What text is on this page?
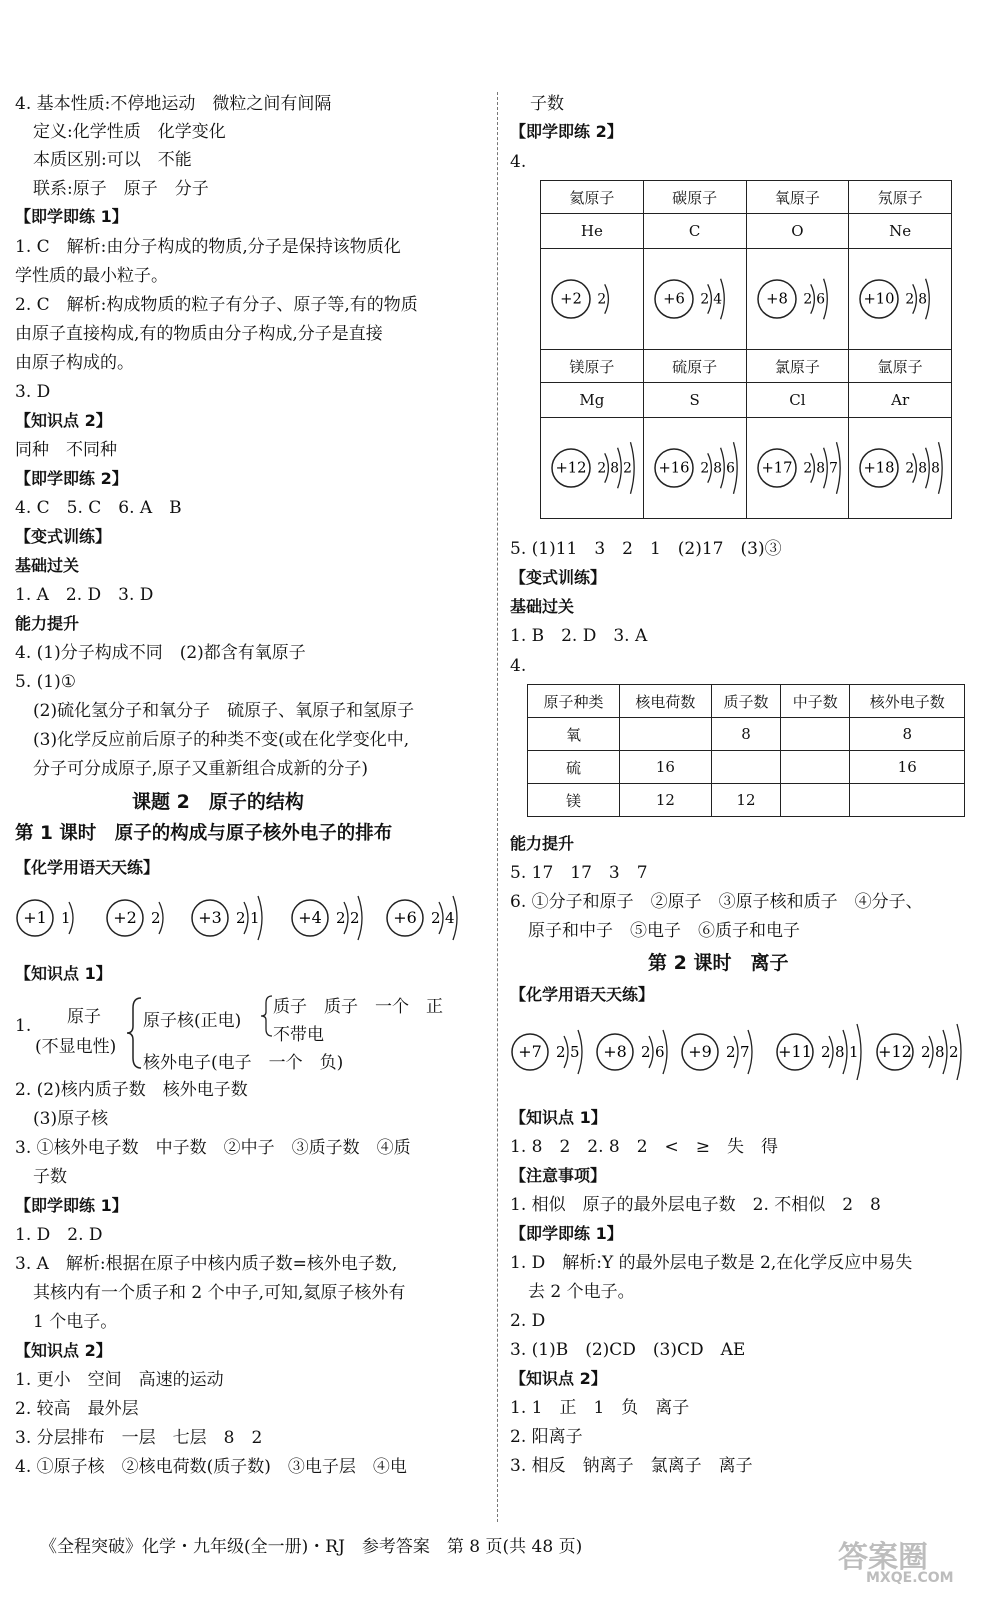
4. 基本性质:不停地运动　微粒之间有间隔
定义:化学性质　化学变化
本质区别:可以　不能
联系:原子　原子　分子
【即学即练 1】
1. C　解析:由分子构成的物质,分子是保持该物质化
学性质的最小粒子。
2. C　解析:构成物质的粒子有分子、原子等,有的物质
由原子直接构成,有的物质由分子构成,分子是直接
由原子构成的。
3. D
【知识点 2】
同种　不同种
【即学即练 2】
4. C　5. C　6. A　B
【变式训练】
基础过关
1. A　2. D　3. D
能力提升
4. (1)分子构成不同　(2)都含有氧原子
5. (1)①
(2)硫化氢分子和氧分子　硫原子、氧原子和氢原子
(3)化学反应前后原子的种类不变(或在化学变化中,
分子可分成原子,原子又重新组合成新的分子)
【化学用语天天练】
【知识点 1】
2. (2)核内质子数　核外电子数
(3)原子核
3. ①核外电子数　中子数　②中子　③质子数　④质
子数
【即学即练 1】
1. D　2. D
3. A　解析:根据在原子中核内质子数=核外电子数,
其核内有一个质子和 2 个中子,可知,氦原子核外有
1 个电子。
【知识点 2】
1. 更小　空间　高速的运动
2. 较高　最外层
3. 分层排布　一层　七层　8　2
4. ①原子核　②核电荷数(质子数)　③电子层　④电
课题 2　原子的结构
第 1 课时　原子的构成与原子核外电子的排布
+1 1	+2 2 +3 2 1 +4 2 2 +6 2 4
1. 原子
(不显电性)
原子核(正电)
质子　质子　一个　正
不带电
核外电子(电子　一个　负)
子数
【即学即练 2】
4.
5. (1)11　3　2　1　(2)17　(3)③
【变式训练】
基础过关
1. B　2. D　3. A
4.
能力提升
5. 17　17　3　7
6. ①分子和原子　②原子　③原子核和质子　④分子、
原子和中子　⑤电子　⑥质子和电子
【化学用语天天练】
【知识点 1】
1. 8　2　2. 8　2　<　≥　失　得
【注意事项】
1. 相似　原子的最外层电子数　2. 不相似　2　8
【即学即练 1】
1. D　解析:Y 的最外层电子数是 2,在化学反应中易失
去 2 个电子。
2. D
3. (1)B　(2)CD　(3)CD　AE
【知识点 2】
1. 1　正　1　负　离子
2. 阳离子
3. 相反　钠离子　氯离子　离子
第 2 课时　离子
氦原子	碳原子	氧原子	氖原子
He	C	O	Ne

+2 2	+6 2 4	+8 2 6	+10 2 8

镁原子	硫原子	氯原子	氩原子
Mg	S	Cl	Ar

+12 2 8 2	+16 2 8 6	+17 2 8 7	+18 2 8 8
原子种类	核电荷数	质子数	中子数	核外电子数
氧		8		8
硫	16			16
镁	12	12		
+7 2 5 +8 2 6 +9 2 7 +11 2 8 1 +12 2 8 2
《全程突破》化学・九年级(全一册)・RJ　参考答案　第 8 页(共 48 页)	答案圈
MXQE.COM
